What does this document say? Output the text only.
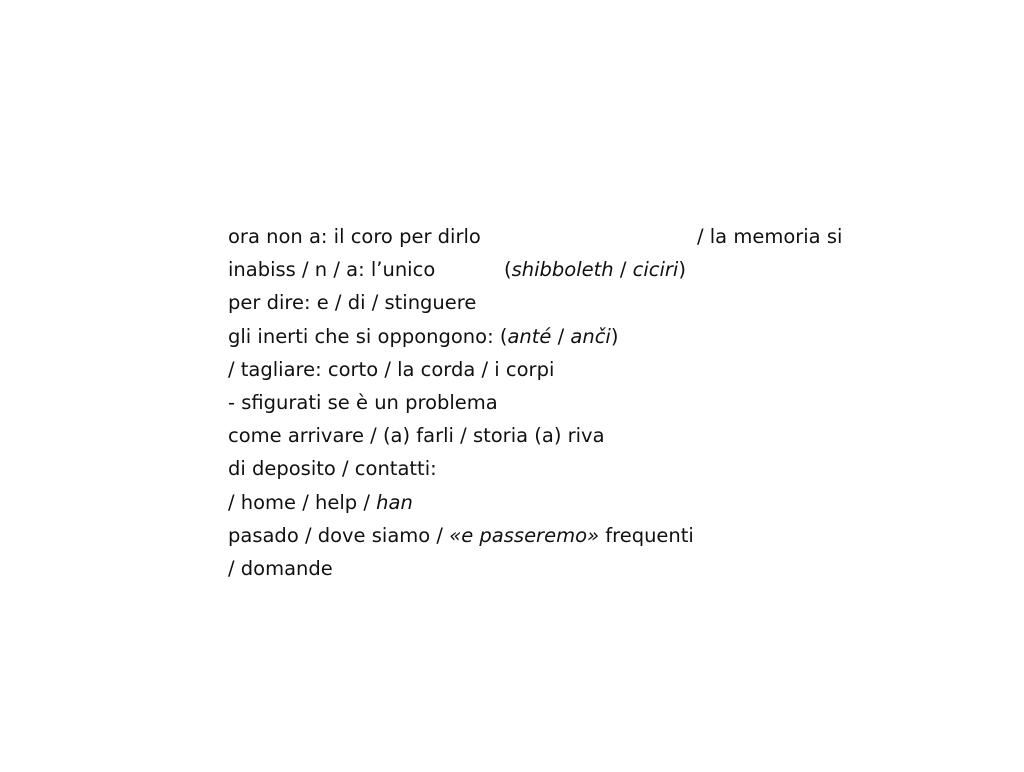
ora non a: il coro per dirlo	/ la memoria si
inabiss / n / a: l’unico	(shibboleth / ciciri)
per dire: e / di / stinguere
gli inerti che si oppongono: (anté / anči)
/ tagliare: corto / la corda / i corpi
- sfigurati se è un problema
come arrivare / (a) farli / storia (a) riva
di deposito / contatti:
/ home / help / han
pasado / dove siamo / «e passeremo» frequenti
/ domande
